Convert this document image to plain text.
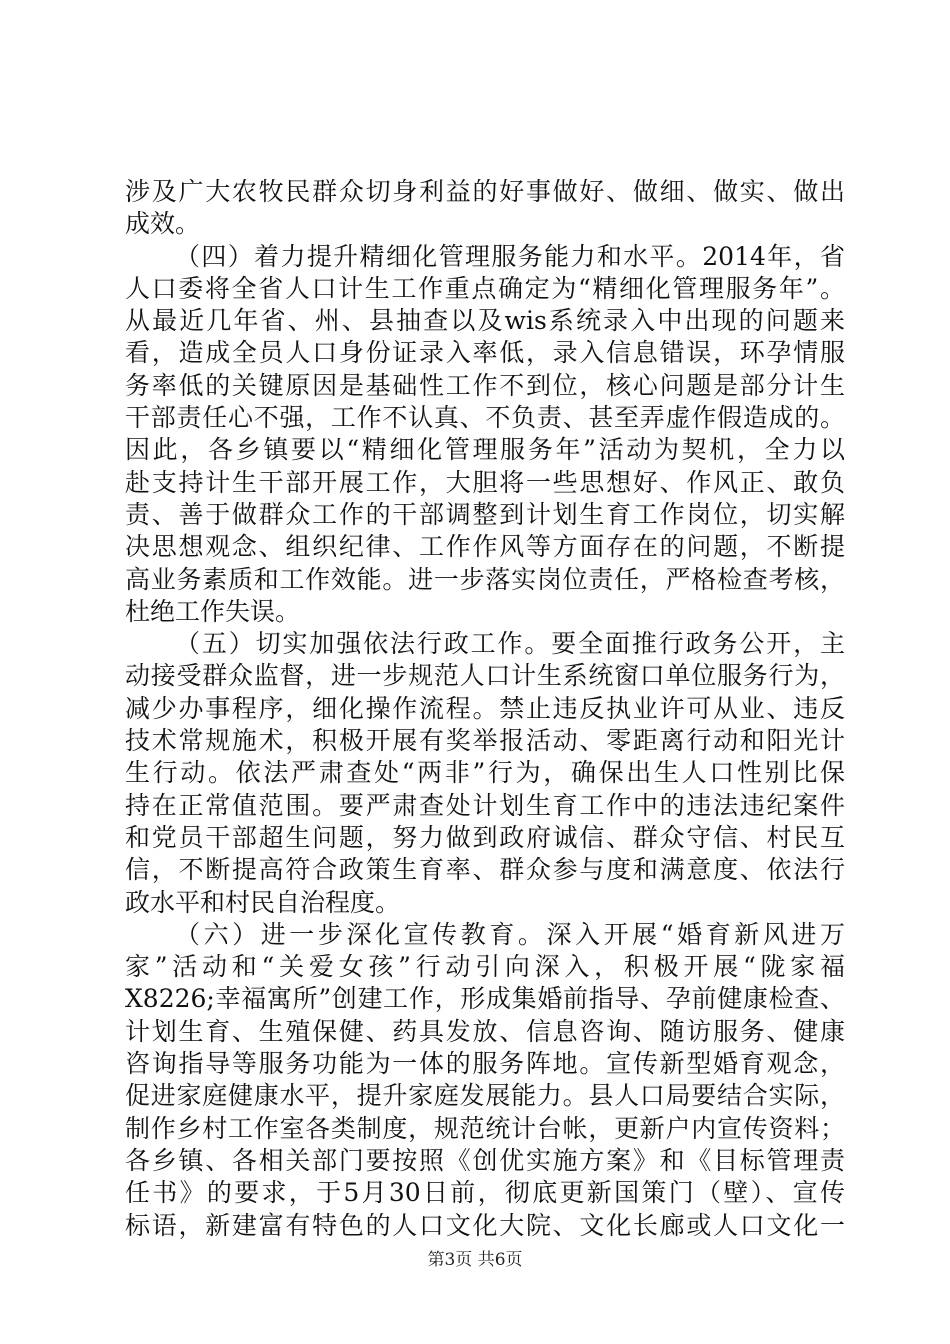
涉及广大农牧民群众切身利益的好事做好、做细、做实、做出
成效。
（四）着力提升精细化管理服务能力和水平。2014年，省
人口委将全省人口计生工作重点确定为“精细化管理服务年”。
从最近几年省、州、县抽查以及wis系统录入中出现的问题来
看，造成全员人口身份证录入率低，录入信息错误，环孕情服
务率低的关键原因是基础性工作不到位，核心问题是部分计生
干部责任心不强，工作不认真、不负责、甚至弄虚作假造成的。
因此，各乡镇要以“精细化管理服务年”活动为契机，全力以
赴支持计生干部开展工作，大胆将一些思想好、作风正、敢负
责、善于做群众工作的干部调整到计划生育工作岗位，切实解
决思想观念、组织纪律、工作作风等方面存在的问题，不断提
高业务素质和工作效能。进一步落实岗位责任，严格检查考核，
杜绝工作失误。
（五）切实加强依法行政工作。要全面推行政务公开，主
动接受群众监督，进一步规范人口计生系统窗口单位服务行为，
减少办事程序，细化操作流程。禁止违反执业许可从业、违反
技术常规施术，积极开展有奖举报活动、零距离行动和阳光计
生行动。依法严肃查处“两非”行为，确保出生人口性别比保
持在正常值范围。要严肃查处计划生育工作中的违法违纪案件
和党员干部超生问题，努力做到政府诚信、群众守信、村民互
信，不断提高符合政策生育率、群众参与度和满意度、依法行
政水平和村民自治程度。
（六）进一步深化宣传教育。深入开展“婚育新风进万
家”活动和“关爱女孩”行动引向深入，积极开展“陇家福
X8226;幸福寓所”创建工作，形成集婚前指导、孕前健康检查、
计划生育、生殖保健、药具发放、信息咨询、随访服务、健康
咨询指导等服务功能为一体的服务阵地。宣传新型婚育观念，
促进家庭健康水平，提升家庭发展能力。县人口局要结合实际，
制作乡村工作室各类制度，规范统计台帐，更新户内宣传资料；
各乡镇、各相关部门要按照《创优实施方案》和《目标管理责
任书》的要求，于5月30日前，彻底更新国策门（壁）、宣传
标语，新建富有特色的人口文化大院、文化长廊或人口文化一
第3页 共6页
